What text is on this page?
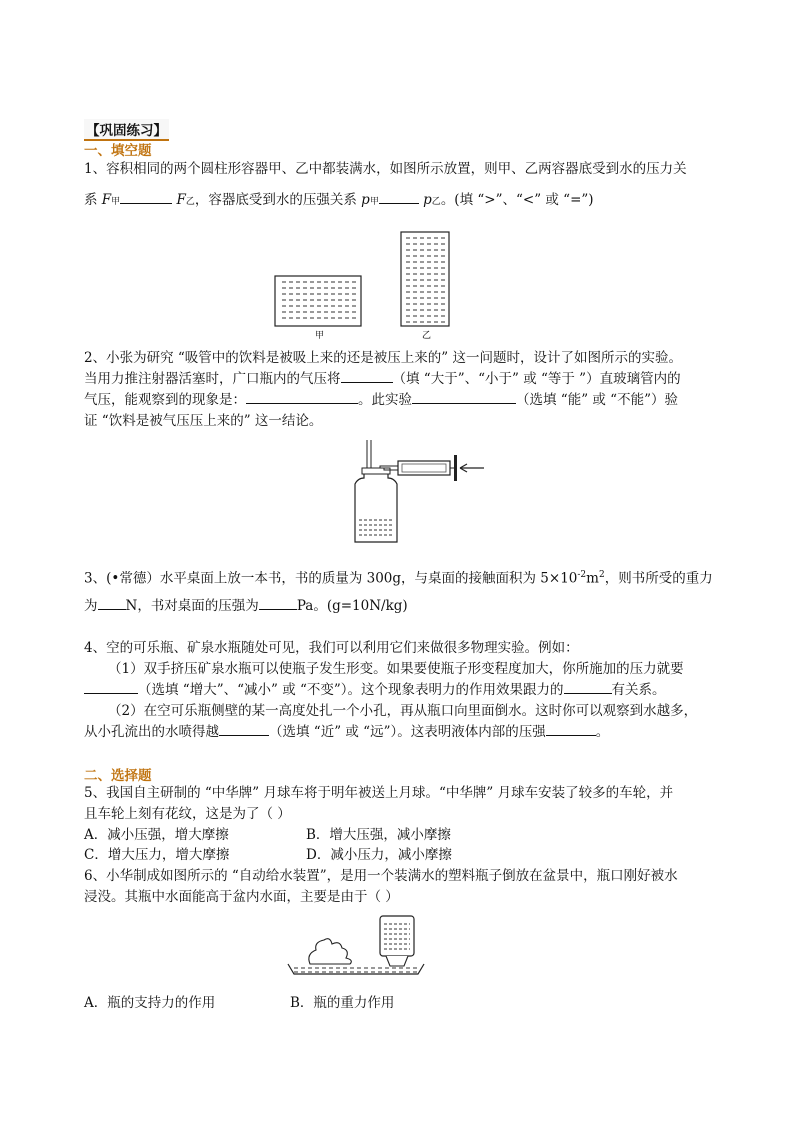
【巩固练习】
一、填空题
1、容积相同的两个圆柱形容器甲、乙中都装满水，如图所示放置，则甲、乙两容器底受到水的压力关
系 F甲	F乙，容器底受到水的压强关系 p甲	p乙。(填 “>”、“<” 或 “=”)
甲	乙
2、小张为研究 “吸管中的饮料是被吸上来的还是被压上来的” 这一问题时，设计了如图所示的实验。
当用力推注射器活塞时，广口瓶内的气压将	（填 “大于”、“小于” 或 “等于 ”）直玻璃管内的
气压，能观察到的现象是：	。此实验	（选填 “能” 或 “不能”）验
证 “饮料是被气压压上来的” 这一结论。
3、(•常德）水平桌面上放一本书，书的质量为 300g，与桌面的接触面积为 $5\times 10^{-2}m^2$，则书所受的重力
为 N，书对桌面的压强为	Pa。(g=10N/kg)
4、空的可乐瓶、矿泉水瓶随处可见，我们可以利用它们来做很多物理实验。例如：
（1）双手挤压矿泉水瓶可以使瓶子发生形变。如果要使瓶子形变程度加大，你所施加的压力就要
（选填 “增大”、“减小” 或 “不变”）。这个现象表明力的作用效果跟力的	有关系。
（2）在空可乐瓶侧壁的某一高度处扎一个小孔，再从瓶口向里面倒水。这时你可以观察到水越多，
从小孔流出的水喷得越	（选填 “近” 或 “远”）。这表明液体内部的压强	。
二、选择题
5、我国自主研制的 “中华牌” 月球车将于明年被送上月球。“中华牌” 月球车安装了较多的车轮，并
且车轮上刻有花纹，这是为了（ ）
A．减小压强，增大摩擦	B．增大压强，减小摩擦
C．增大压力，增大摩擦	D．减小压力，减小摩擦
6、小华制成如图所示的 “自动给水装置”，是用一个装满水的塑料瓶子倒放在盆景中，瓶口刚好被水
浸没。其瓶中水面能高于盆内水面，主要是由于（ ）
A．瓶的支持力的作用	B．瓶的重力作用
